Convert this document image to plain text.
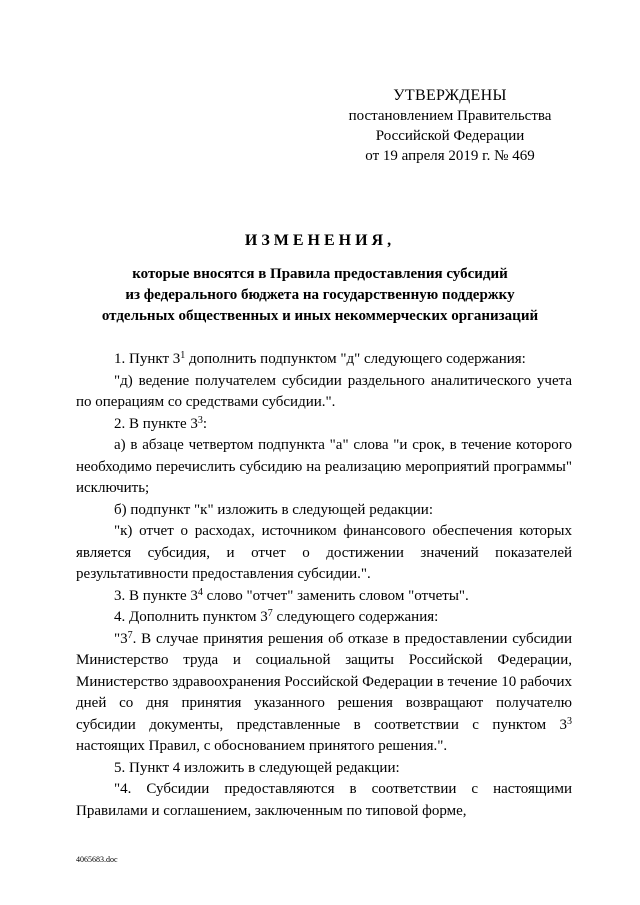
УТВЕРЖДЕНЫ
постановлением Правительства
Российской Федерации
от 19 апреля 2019 г. № 469
ИЗМЕНЕНИЯ,
которые вносятся в Правила предоставления субсидий
из федерального бюджета на государственную поддержку
отдельных общественных и иных некоммерческих организаций

1. Пункт $3^1$ дополнить подпунктом "д" следующего содержания:

"д) ведение получателем субсидии раздельного аналитического учета по операциям со средствами субсидии.".

2. В пункте $3^3$:

а) в абзаце четвертом подпункта "а" слова "и срок, в течение которого необходимо перечислить субсидию на реализацию мероприятий программы" исключить;

б) подпункт "к" изложить в следующей редакции:

"к) отчет о расходах, источником финансового обеспечения которых является субсидия, и отчет о достижении значений показателей результативности предоставления субсидии.".

3. В пункте $3^4$ слово "отчет" заменить словом "отчеты".

4. Дополнить пунктом $3^7$ следующего содержания:

"$3^7$. В случае принятия решения об отказе в предоставлении субсидии Министерство труда и социальной защиты Российской Федерации, Министерство здравоохранения Российской Федерации в течение 10 рабочих дней со дня принятия указанного решения возвращают получателю субсидии документы, представленные в соответствии с пунктом $3^3$ настоящих Правил, с обоснованием принятого решения.".

5. Пункт 4 изложить в следующей редакции:

"4. Субсидии предоставляются в соответствии с настоящими Правилами и соглашением, заключенным по типовой форме,

4065683.doc
